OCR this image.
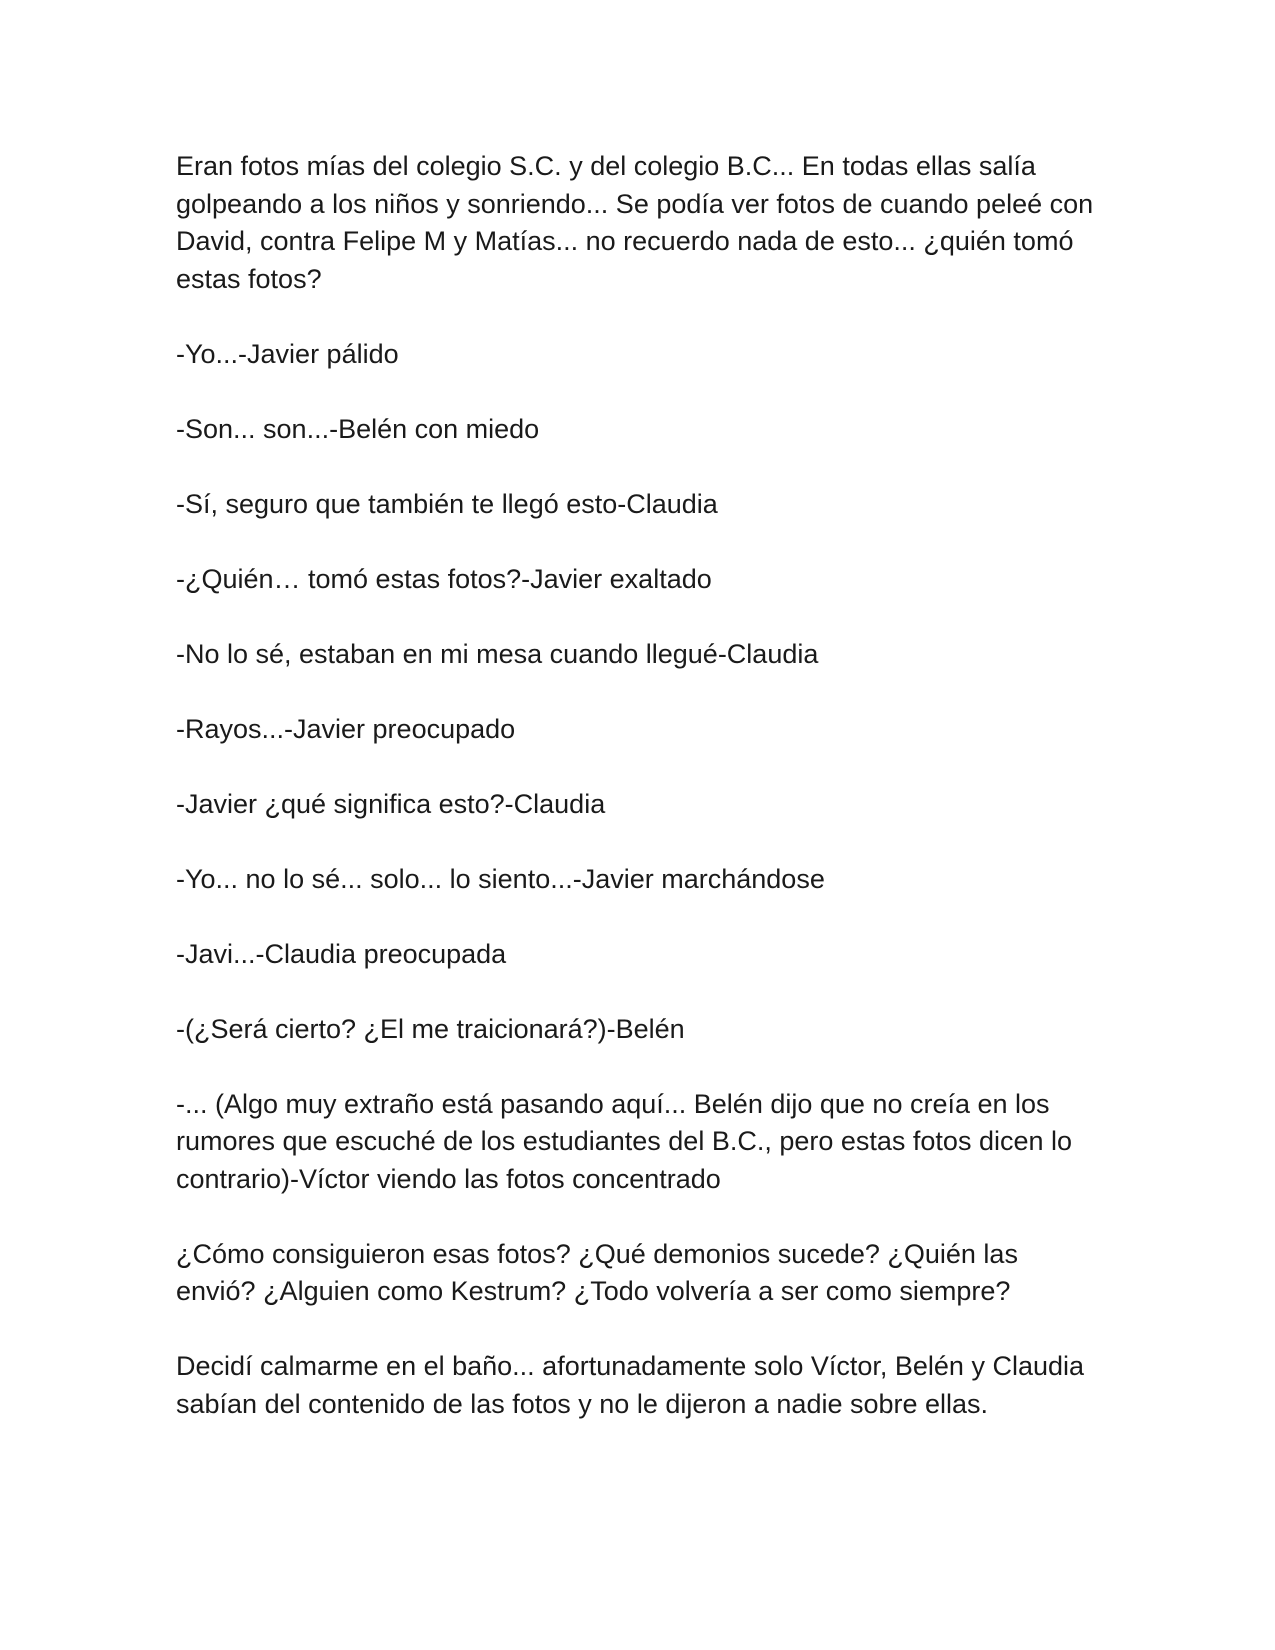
Eran fotos mías del colegio S.C. y del colegio B.C... En todas ellas salía golpeando a los niños y sonriendo... Se podía ver fotos de cuando peleé con David, contra Felipe M y Matías... no recuerdo nada de esto... ¿quién tomó estas fotos?

-Yo...-Javier pálido

-Son... son...-Belén con miedo

-Sí, seguro que también te llegó esto-Claudia

-¿Quién… tomó estas fotos?-Javier exaltado

-No lo sé, estaban en mi mesa cuando llegué-Claudia

-Rayos...-Javier preocupado

-Javier ¿qué significa esto?-Claudia

-Yo... no lo sé... solo... lo siento...-Javier marchándose

-Javi...-Claudia preocupada

-(¿Será cierto? ¿El me traicionará?)-Belén

-... (Algo muy extraño está pasando aquí... Belén dijo que no creía en los rumores que escuché de los estudiantes del B.C., pero estas fotos dicen lo contrario)-Víctor viendo las fotos concentrado

¿Cómo consiguieron esas fotos? ¿Qué demonios sucede? ¿Quién las envió? ¿Alguien como Kestrum? ¿Todo volvería a ser como siempre?

Decidí calmarme en el baño... afortunadamente solo Víctor, Belén y Claudia sabían del contenido de las fotos y no le dijeron a nadie sobre ellas.
